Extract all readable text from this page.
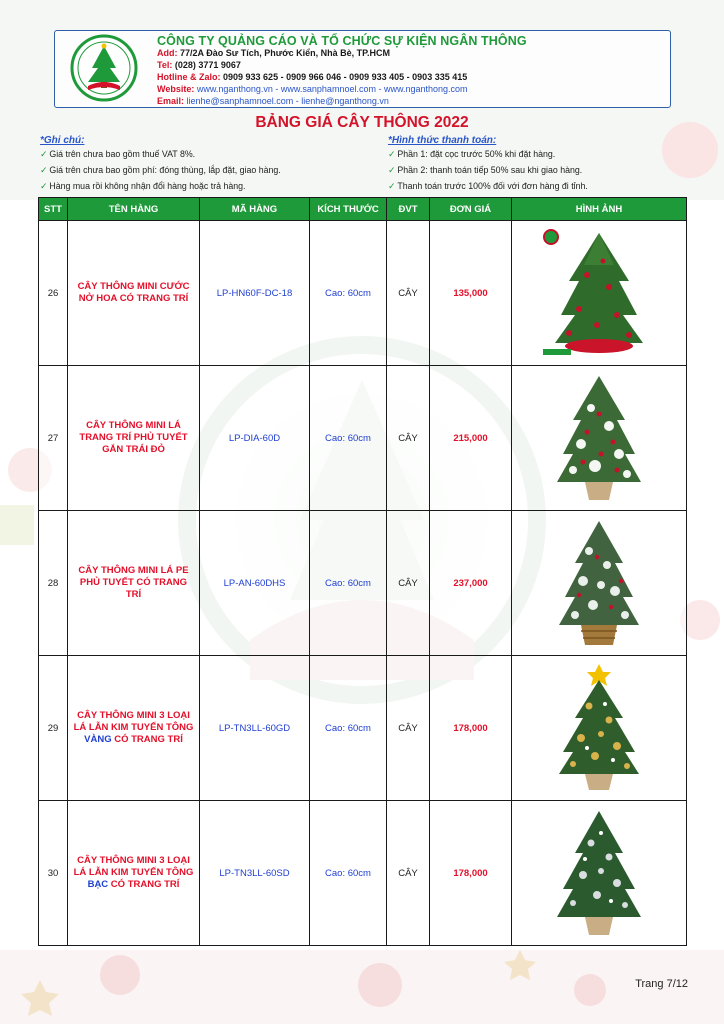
CÔNG TY QUẢNG CÁO VÀ TỔ CHỨC SỰ KIỆN NGÂN THÔNG
Add: 77/2A Đào Sư Tích, Phước Kiển, Nhà Bè, TP.HCM
Tel: (028) 3771 9067
Hotline & Zalo: 0909 933 625 - 0909 966 046 - 0909 933 405 - 0903 335 415
Website: www.nganthong.vn - www.sanphamnoel.com - www.nganthong.com
Email: lienhe@sanphamnoel.com - lienhe@nganthong.vn
BẢNG GIÁ CÂY THÔNG 2022
*Ghi chú:
✓ Giá trên chưa bao gồm thuế VAT 8%.
✓ Giá trên chưa bao gồm phí: đóng thùng, lắp đặt, giao hàng.
✓ Hàng mua rồi không nhận đổi hàng hoặc trả hàng.
*Hình thức thanh toán:
✓ Phần 1: đặt cọc trước 50% khi đặt hàng.
✓ Phần 2: thanh toán tiếp 50% sau khi giao hàng.
✓ Thanh toán trước 100% đối với đơn hàng đi tỉnh.
STT	TÊN HÀNG	MÃ HÀNG	KÍCH THƯỚC	ĐVT	ĐƠN GIÁ	HÌNH ẢNH
26	CÂY THÔNG MINI CƯỚC NỞ HOA CÓ TRANG TRÍ	LP-HN60F-DC-18	Cao: 60cm	CÂY	135,000	

27	CÂY THÔNG MINI LÁ TRANG TRÍ PHỦ TUYẾT GẮN TRÁI ĐỎ	LP-DIA-60D	Cao: 60cm	CÂY	215,000	

28	CÂY THÔNG MINI LÁ PE PHỦ TUYẾT CÓ TRANG TRÍ	LP-AN-60DHS	Cao: 60cm	CÂY	237,000	

29	CÂY THÔNG MINI 3 LOẠI LÁ LẪN KIM TUYẾN TÔNG VÀNG CÓ TRANG TRÍ	LP-TN3LL-60GD	Cao: 60cm	CÂY	178,000	

30	CÂY THÔNG MINI 3 LOẠI LÁ LẪN KIM TUYẾN TÔNG BẠC CÓ TRANG TRÍ	LP-TN3LL-60SD	Cao: 60cm	CÂY	178,000	
Trang 7/12
